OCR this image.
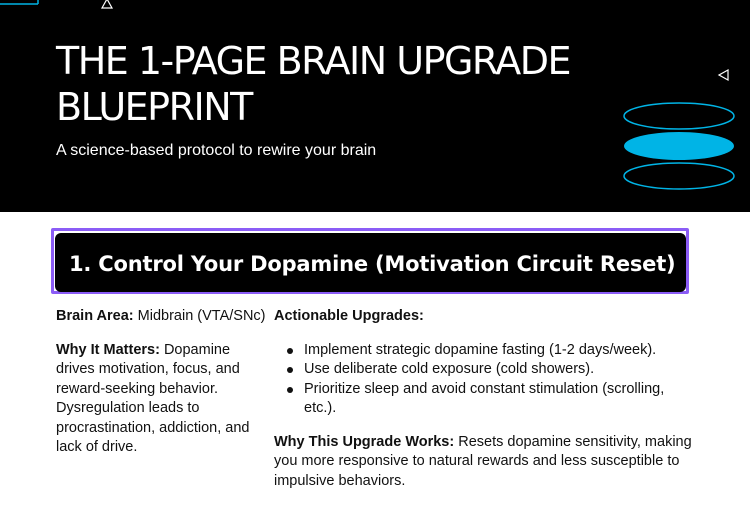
THE 1-PAGE BRAIN UPGRADE BLUEPRINT
A science-based protocol to rewire your brain
1. Control Your Dopamine (Motivation Circuit Reset)

Brain Area: Midbrain (VTA/SNc)

Why It Matters: Dopamine drives motivation, focus, and reward-seeking behavior. Dysregulation leads to procrastination, addiction, and lack of drive.

Actionable Upgrades:

Implement strategic dopamine fasting (1-2 days/week).
Use deliberate cold exposure (cold showers).
Prioritize sleep and avoid constant stimulation (scrolling, etc.).

Why This Upgrade Works: Resets dopamine sensitivity, making you more responsive to natural rewards and less susceptible to impulsive behaviors.
